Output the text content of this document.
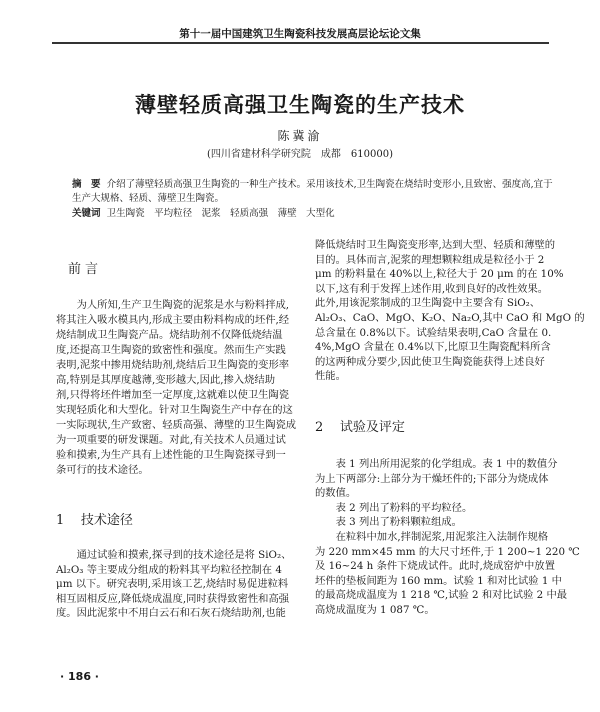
第十一届中国建筑卫生陶瓷科技发展高层论坛论文集
薄壁轻质高强卫生陶瓷的生产技术
陈冀渝
(四川省建材科学研究院　成都　610000)
摘　要 介绍了薄壁轻质高强卫生陶瓷的一种生产技术。采用该技术,卫生陶瓷在烧结时变形小,且致密、强度高,宜于
生产大规格、轻质、薄壁卫生陶瓷。
关键词 卫生陶瓷　平均粒径　泥浆　轻质高强　薄壁　大型化
前言
　　为人所知,生产卫生陶瓷的泥浆是水与粉料拌成,
将其注入吸水模具内,形成主要由粉料构成的坯件,经
烧结制成卫生陶瓷产品。烧结助剂不仅降低烧结温
度,还提高卫生陶瓷的致密性和强度。然而生产实践
表明,泥浆中掺用烧结助剂,烧结后卫生陶瓷的变形率
高,特别是其厚度越薄,变形越大,因此,掺入烧结助
剂,只得将坯件增加至一定厚度,这就难以使卫生陶瓷
实现轻质化和大型化。针对卫生陶瓷生产中存在的这
一实际现状,生产致密、轻质高强、薄壁的卫生陶瓷成
为一项重要的研发课题。对此,有关技术人员通过试
验和摸索,为生产具有上述性能的卫生陶瓷探寻到一
条可行的技术途径。
1 技术途径
　　通过试验和摸索,探寻到的技术途径是将 SiO₂、
Al₂O₃ 等主要成分组成的粉料其平均粒径控制在 4
μm 以下。研究表明,采用该工艺,烧结时易促进粒料
相互固相反应,降低烧成温度,同时获得致密性和高强
度。因此泥浆中不用白云石和石灰石烧结助剂,也能
降低烧结时卫生陶瓷变形率,达到大型、轻质和薄壁的
目的。具体而言,泥浆的理想颗粒组成是粒径小于 2
μm 的粉料量在 40%以上,粒径大于 20 μm 的在 10%
以下,这有利于发挥上述作用,收到良好的改性效果。
此外,用该泥浆制成的卫生陶瓷中主要含有 SiO₂、
Al₂O₃、CaO、MgO、K₂O、Na₂O,其中 CaO 和 MgO 的
总含量在 0.8%以下。试验结果表明,CaO 含量在 0.
4%,MgO 含量在 0.4%以下,比原卫生陶瓷配料所含
的这两种成分要少,因此使卫生陶瓷能获得上述良好
性能。
2 试验及评定
　　表 1 列出所用泥浆的化学组成。表 1 中的数值分
为上下两部分:上部分为干燥坯件的;下部分为烧成体
的数值。
　　表 2 列出了粉料的平均粒径。
　　表 3 列出了粉料颗粒组成。
　　在粒料中加水,拌制泥浆,用泥浆注入法制作规格
为 220 mm×45 mm 的大尺寸坯件,于 1 200~1 220 ℃
及 16~24 h 条件下烧成试件。此时,烧成窑炉中放置
坯件的垫板间距为 160 mm。试验 1 和对比试验 1 中
的最高烧成温度为 1 218 ℃,试验 2 和对比试验 2 中最
高烧成温度为 1 087 ℃。
· 186 ·
